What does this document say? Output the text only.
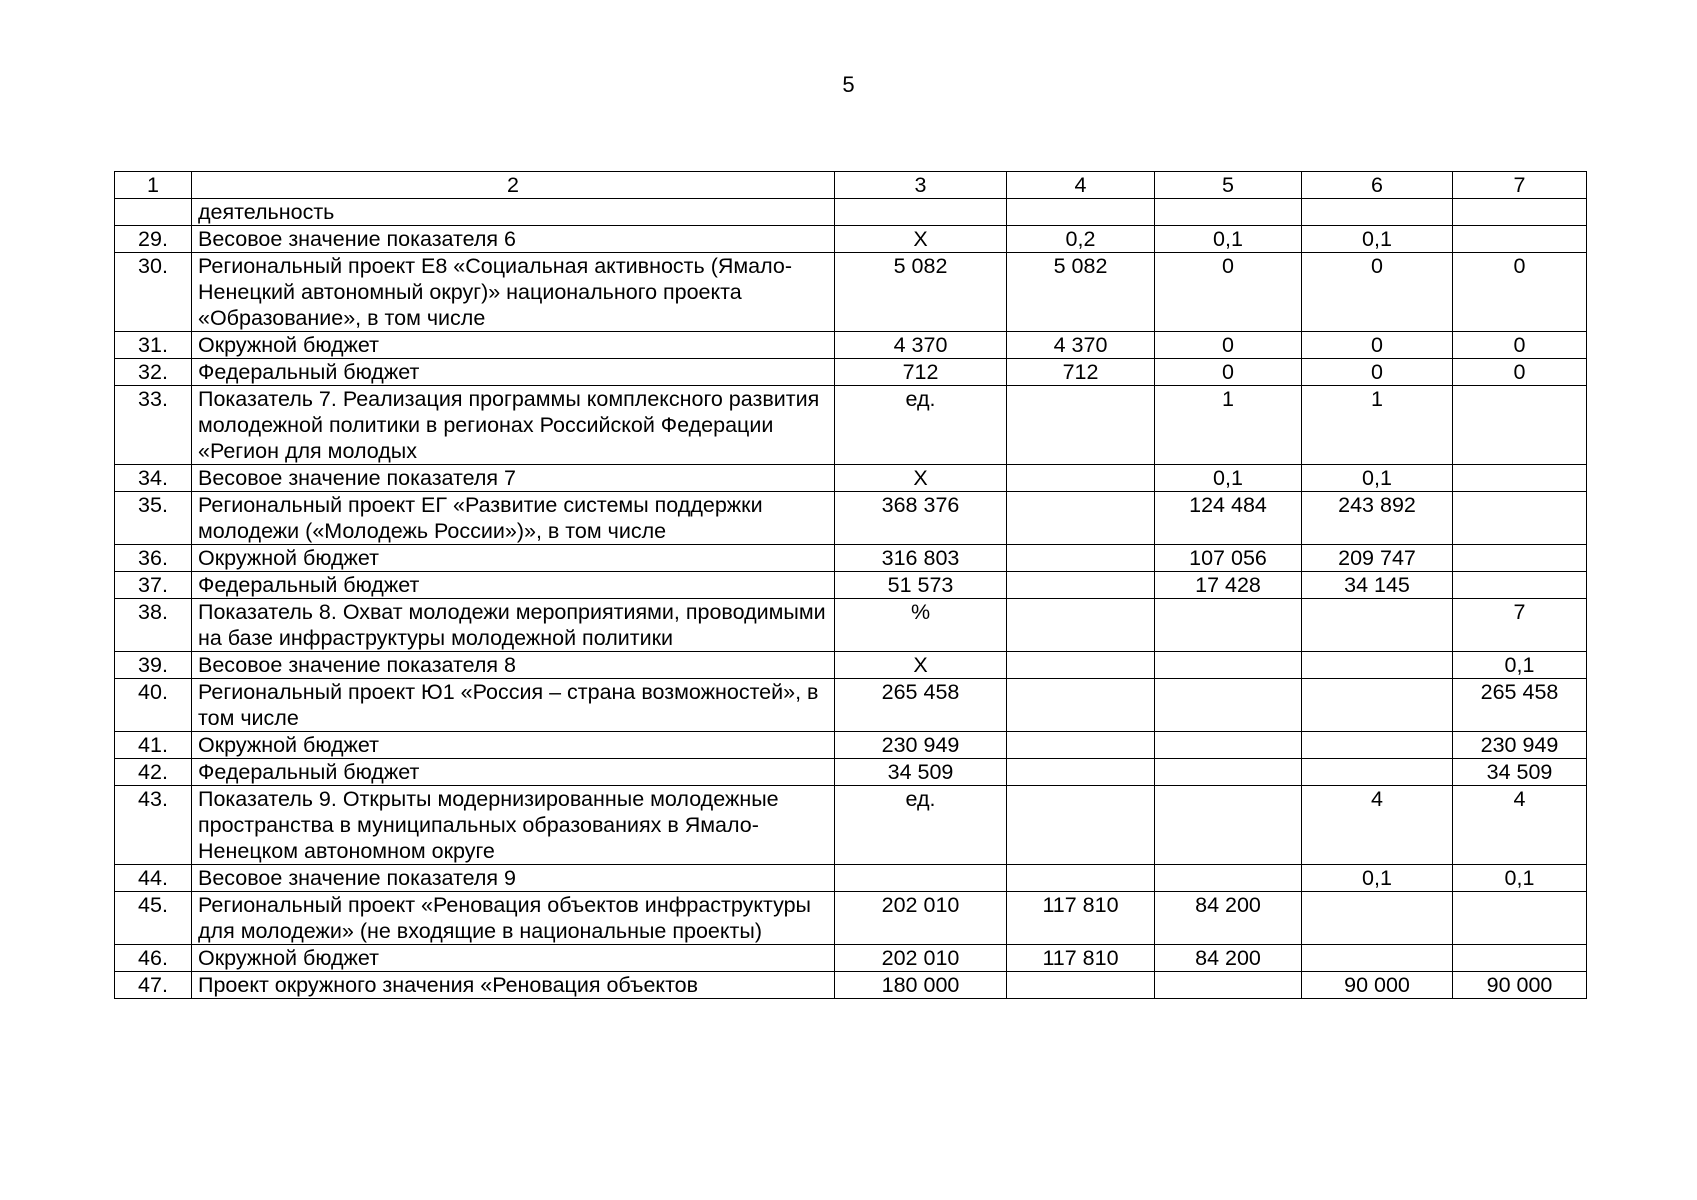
5
1	2	3	4	5	6	7
	деятельность					
29.	Весовое значение показателя 6	X	0,2	0,1	0,1	
30.	Региональный проект Е8 «Социальная активность (Ямало-Ненецкий автономный округ)» национального проекта «Образование», в том числе	5 082	5 082	0	0	0
31.	Окружной бюджет	4 370	4 370	0	0	0
32.	Федеральный бюджет	712	712	0	0	0
33.	Показатель 7. Реализация программы комплексного развития молодежной политики в регионах Российской Федерации «Регион для молодых	ед.		1	1	
34.	Весовое значение показателя 7	X		0,1	0,1	
35.	Региональный проект ЕГ «Развитие системы поддержки молодежи («Молодежь России»)», в том числе	368 376		124 484	243 892	
36.	Окружной бюджет	316 803		107 056	209 747	
37.	Федеральный бюджет	51 573		17 428	34 145	
38.	Показатель 8. Охват молодежи мероприятиями, проводимыми на базе инфраструктуры молодежной политики	%				7
39.	Весовое значение показателя 8	X				0,1
40.	Региональный проект Ю1 «Россия – страна возможностей», в том числе	265 458				265 458
41.	Окружной бюджет	230 949				230 949
42.	Федеральный бюджет	34 509				34 509
43.	Показатель 9. Открыты модернизированные молодежные пространства в муниципальных образованиях в Ямало-Ненецком автономном округе	ед.			4	4
44.	Весовое значение показателя 9				0,1	0,1
45.	Региональный проект «Реновация объектов инфраструктуры для молодежи» (не входящие в национальные проекты)	202 010	117 810	84 200		
46.	Окружной бюджет	202 010	117 810	84 200		
47.	Проект окружного значения «Реновация объектов	180 000			90 000	90 000
